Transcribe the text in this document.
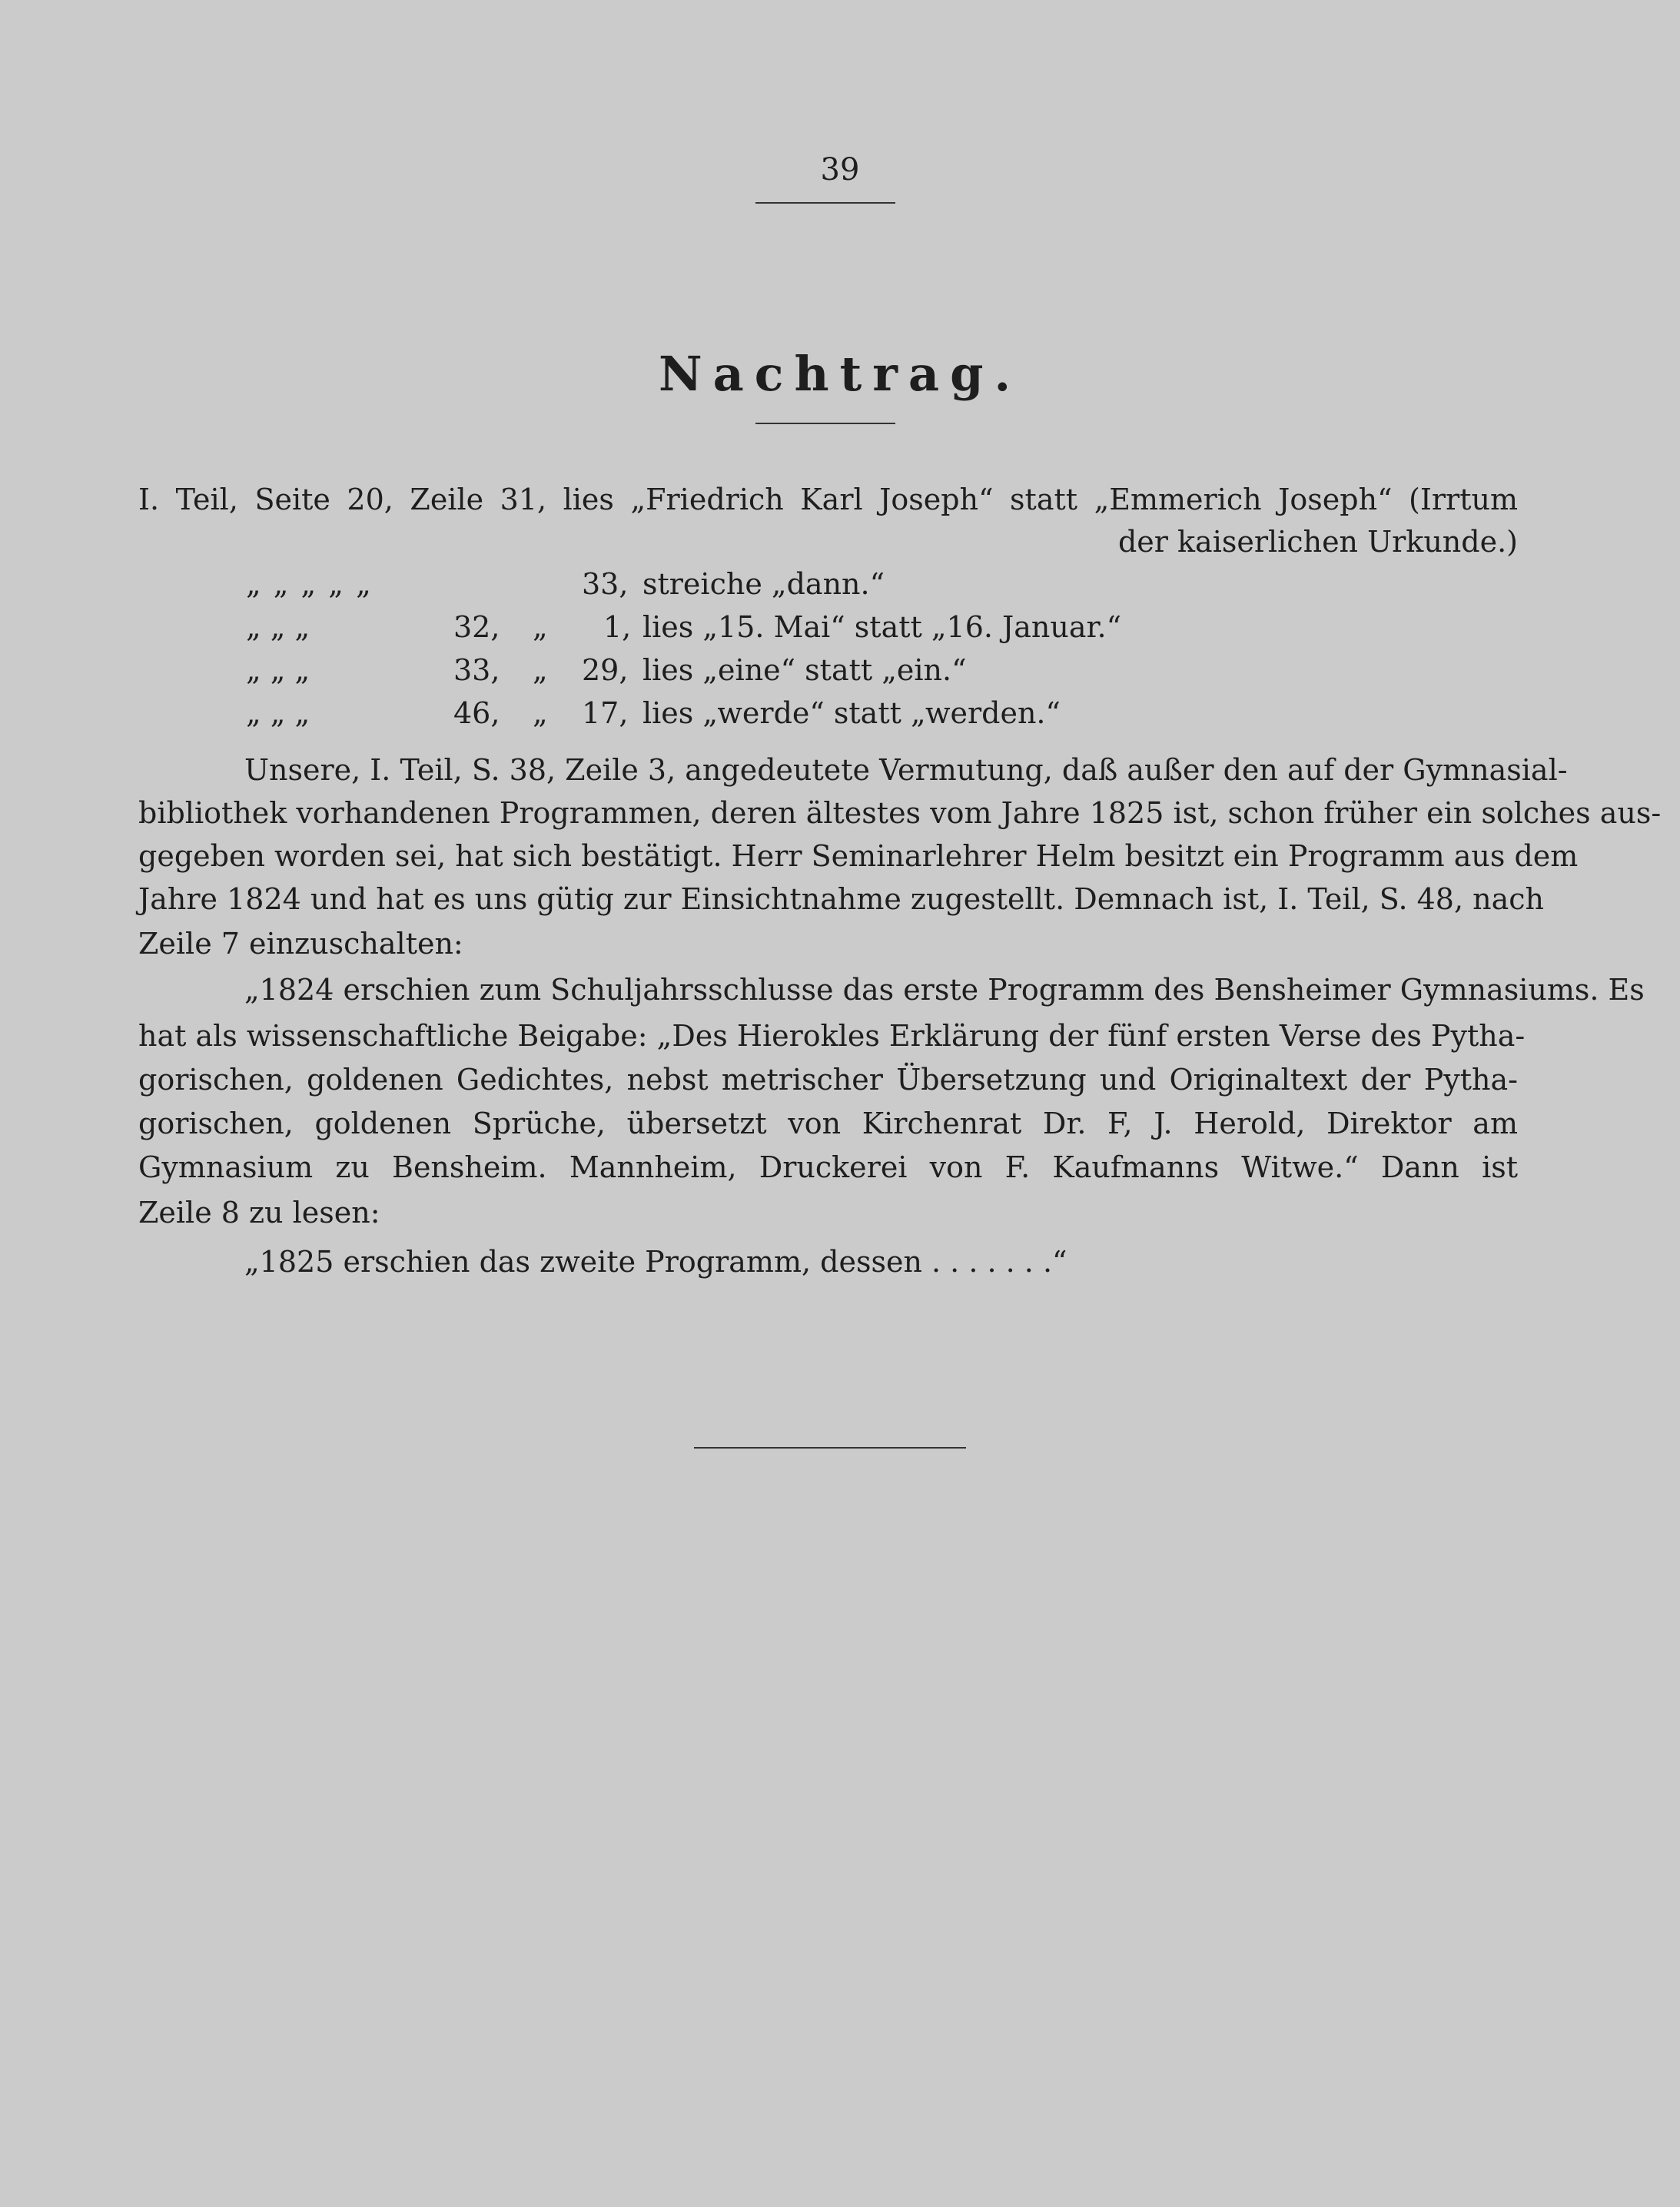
39
Nachtrag.
I. Teil, Seite 20, Zeile 31, lies „Friedrich Karl Joseph“ statt „Emmerich Joseph“ (Irrtum
der kaiserlichen Urkunde.)
„ „ „ „ „	33, streiche „dann.“
„ „ „	32, „ 1, lies „15. Mai“ statt „16. Januar.“
„ „ „	33, „ 29, lies „eine“ statt „ein.“
„ „ „	46, „ 17, lies „werde“ statt „werden.“
Unsere, I. Teil, S. 38, Zeile 3, angedeutete Vermutung, daß außer den auf der Gymnasial-
bibliothek vorhandenen Programmen, deren ältestes vom Jahre 1825 ist, schon früher ein solches aus-
gegeben worden sei, hat sich bestätigt. Herr Seminarlehrer Helm besitzt ein Programm aus dem
Jahre 1824 und hat es uns gütig zur Einsichtnahme zugestellt. Demnach ist, I. Teil, S. 48, nach
Zeile 7 einzuschalten:
„1824 erschien zum Schuljahrsschlusse das erste Programm des Bensheimer Gymnasiums. Es
hat als wissenschaftliche Beigabe: „Des Hierokles Erklärung der fünf ersten Verse des Pytha-
gorischen, goldenen Gedichtes, nebst metrischer Übersetzung und Originaltext der Pytha-
gorischen, goldenen Sprüche, übersetzt von Kirchenrat Dr. F, J. Herold, Direktor am
Gymnasium zu Bensheim. Mannheim, Druckerei von F. Kaufmanns Witwe.“ Dann ist
Zeile 8 zu lesen:
„1825 erschien das zweite Programm, dessen . . . . . . .“
